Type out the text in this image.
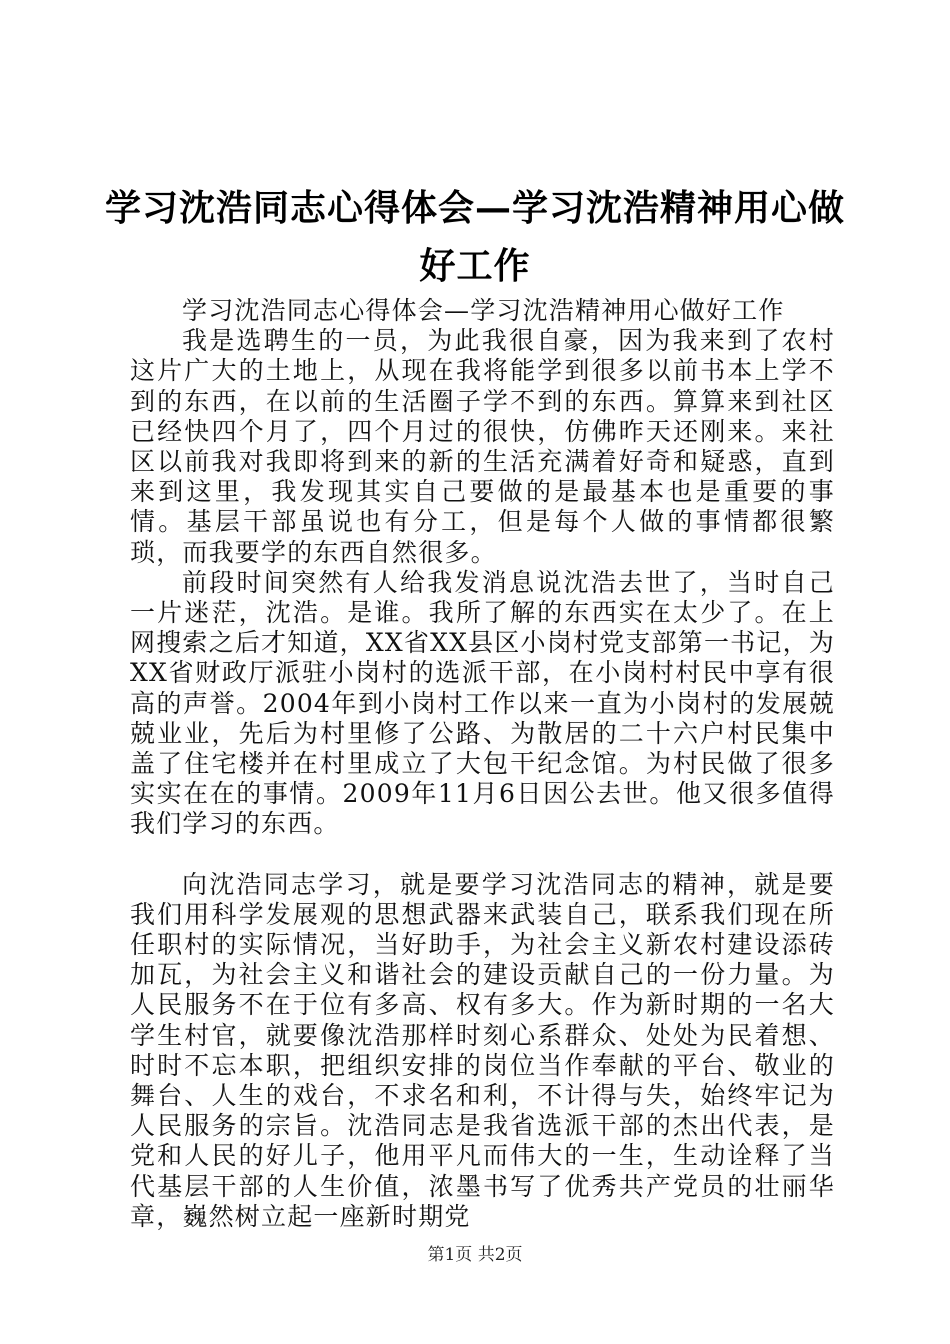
学习沈浩同志心得体会—学习沈浩精神用心做
好工作

学习沈浩同志心得体会—学习沈浩精神用心做好工作

我是选聘生的一员，为此我很自豪，因为我来到了农村这片广大的土地上，从现在我将能学到很多以前书本上学不到的东西，在以前的生活圈子学不到的东西。算算来到社区已经快四个月了，四个月过的很快，仿佛昨天还刚来。来社区以前我对我即将到来的新的生活充满着好奇和疑惑，直到来到这里，我发现其实自己要做的是最基本也是重要的事情。基层干部虽说也有分工，但是每个人做的事情都很繁琐，而我要学的东西自然很多。

前段时间突然有人给我发消息说沈浩去世了，当时自己一片迷茫，沈浩。是谁。我所了解的东西实在太少了。在上网搜索之后才知道，XX省XX县区小岗村党支部第一书记，为XX省财政厅派驻小岗村的选派干部，在小岗村村民中享有很高的声誉。2004年到小岗村工作以来一直为小岗村的发展兢兢业业，先后为村里修了公路、为散居的二十六户村民集中盖了住宅楼并在村里成立了大包干纪念馆。为村民做了很多实实在在的事情。2009年11月6日因公去世。他又很多值得我们学习的东西。

向沈浩同志学习，就是要学习沈浩同志的精神，就是要我们用科学发展观的思想武器来武装自己，联系我们现在所任职村的实际情况，当好助手，为社会主义新农村建设添砖加瓦，为社会主义和谐社会的建设贡献自己的一份力量。为人民服务不在于位有多高、权有多大。作为新时期的一名大学生村官，就要像沈浩那样时刻心系群众、处处为民着想、时时不忘本职，把组织安排的岗位当作奉献的平台、敬业的舞台、人生的戏台，不求名和利，不计得与失，始终牢记为人民服务的宗旨。沈浩同志是我省选派干部的杰出代表，是党和人民的好儿子，他用平凡而伟大的一生，生动诠释了当代基层干部的人生价值，浓墨书写了优秀共产党员的壮丽华章，巍然树立起一座新时期党

第1页 共2页
